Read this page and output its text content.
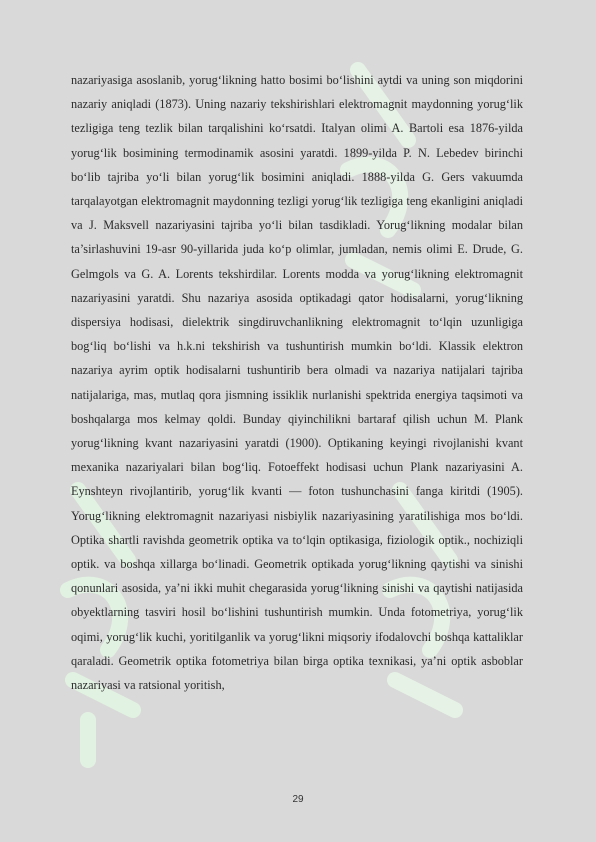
nazariyasiga asoslanib, yorug‘likning hatto bosimi bo‘lishini aytdi va uning son miqdorini nazariy aniqladi (1873). Uning nazariy tekshirishlari elektromagnit maydonning yorug‘lik tezligiga teng tezlik bilan tarqalishini ko‘rsatdi. Italyan olimi A. Bartoli esa 1876-yilda yorug‘lik bosimining termodinamik asosini yaratdi. 1899-yilda P. N. Lebedev birinchi bo‘lib tajriba yo‘li bilan yorug‘lik bosimini aniqladi. 1888-yilda G. Gers vakuumda tarqalayotgan elektromagnit maydonning tezligi yorug‘lik tezligiga teng ekanligini aniqladi va J. Maksvell nazariyasini tajriba yo‘li bilan tasdikladi. Yorug‘likning modalar bilan ta’sirlashuvini 19-asr 90-yillarida juda ko‘p olimlar, jumladan, nemis olimi E. Drude, G. Gelmgols va G. A. Lorents tekshirdilar. Lorents modda va yorug‘likning elektromagnit nazariyasini yaratdi. Shu nazariya asosida optikadagi qator hodisalarni, yorug‘likning dispersiya hodisasi, dielektrik singdiruvchanlikning elektromagnit to‘lqin uzunligiga bog‘liq bo‘lishi va h.k.ni tekshirish va tushuntirish mumkin bo‘ldi. Klassik elektron nazariya ayrim optik hodisalarni tushuntirib bera olmadi va nazariya natijalari tajriba natijalariga, mas, mutlaq qora jismning issiklik nurlanishi spektrida energiya taqsimoti va boshqalarga mos kelmay qoldi. Bunday qiyinchilikni bartaraf qilish uchun M. Plank yorug‘likning kvant nazariyasini yaratdi (1900). Optikaning keyingi rivojlanishi kvant mexanika nazariyalari bilan bog‘liq. Fotoeffekt hodisasi uchun Plank nazariyasini A. Eynshteyn rivojlantirib, yorug‘lik kvanti — foton tushunchasini fanga kiritdi (1905). Yorug‘likning elektromagnit nazariyasi nisbiylik nazariyasining yaratilishiga mos bo‘ldi. Optika shartli ravishda geometrik optika va to‘lqin optikasiga, fiziologik optik., nochiziqli optik. va boshqa xillarga bo‘linadi. Geometrik optikada yorug‘likning qaytishi va sinishi qonunlari asosida, ya’ni ikki muhit chegarasida yorug‘likning sinishi va qaytishi natijasida obyektlarning tasviri hosil bo‘lishini tushuntirish mumkin. Unda fotometriya, yorug‘lik oqimi, yorug‘lik kuchi, yoritilganlik va yorug‘likni miqsoriy ifodalovchi boshqa kattaliklar qaraladi. Geometrik optika fotometriya bilan birga optika texnikasi, ya’ni optik asboblar nazariyasi va ratsional yoritish,

29
